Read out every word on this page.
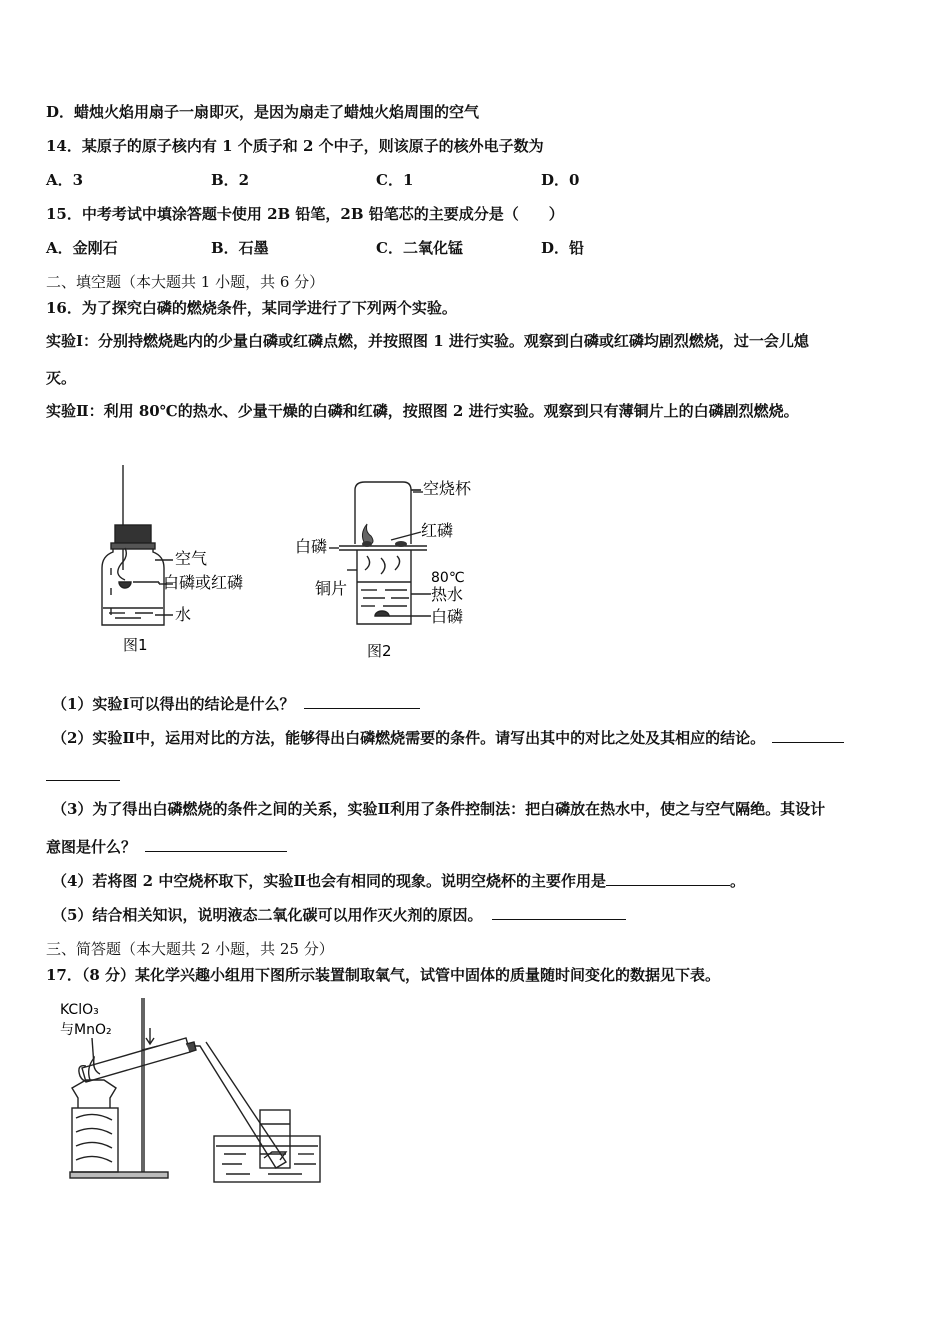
D．蜡烛火焰用扇子一扇即灭，是因为扇走了蜡烛火焰周围的空气
14．某原子的原子核内有 1 个质子和 2 个中子，则该原子的核外电子数为
A．3	B．2	C．1	D．0
15．中考考试中填涂答题卡使用 2B 铅笔，2B 铅笔芯的主要成分是（　　）
A．金刚石	B．石墨	C．二氧化锰	D．铅
二、填空题（本大题共 1 小题，共 6 分）
16．为了探究白磷的燃烧条件，某同学进行了下列两个实验。
实验Ⅰ：分别持燃烧匙内的少量白磷或红磷点燃，并按照图 1 进行实验。观察到白磷或红磷均剧烈燃烧，过一会儿熄
灭。
实验Ⅱ：利用 80℃的热水、少量干燥的白磷和红磷，按照图 2 进行实验。观察到只有薄铜片上的白磷剧烈燃烧。
空气
白磷或红磷
水
图1
空烧杯
红磷
白磷
铜片
80℃
热水
白磷
图2
（1）实验Ⅰ可以得出的结论是什么？
（2）实验Ⅱ中，运用对比的方法，能够得出白磷燃烧需要的条件。请写出其中的对比之处及其相应的结论。
（3）为了得出白磷燃烧的条件之间的关系，实验Ⅱ利用了条件控制法：把白磷放在热水中，使之与空气隔绝。其设计
意图是什么？
（4）若将图 2 中空烧杯取下，实验Ⅱ也会有相同的现象。说明空烧杯的主要作用是	。
（5）结合相关知识，说明液态二氧化碳可以用作灭火剂的原因。
三、简答题（本大题共 2 小题，共 25 分）
17．（8 分）某化学兴趣小组用下图所示装置制取氧气，试管中固体的质量随时间变化的数据见下表。
KClO₃
与MnO₂
